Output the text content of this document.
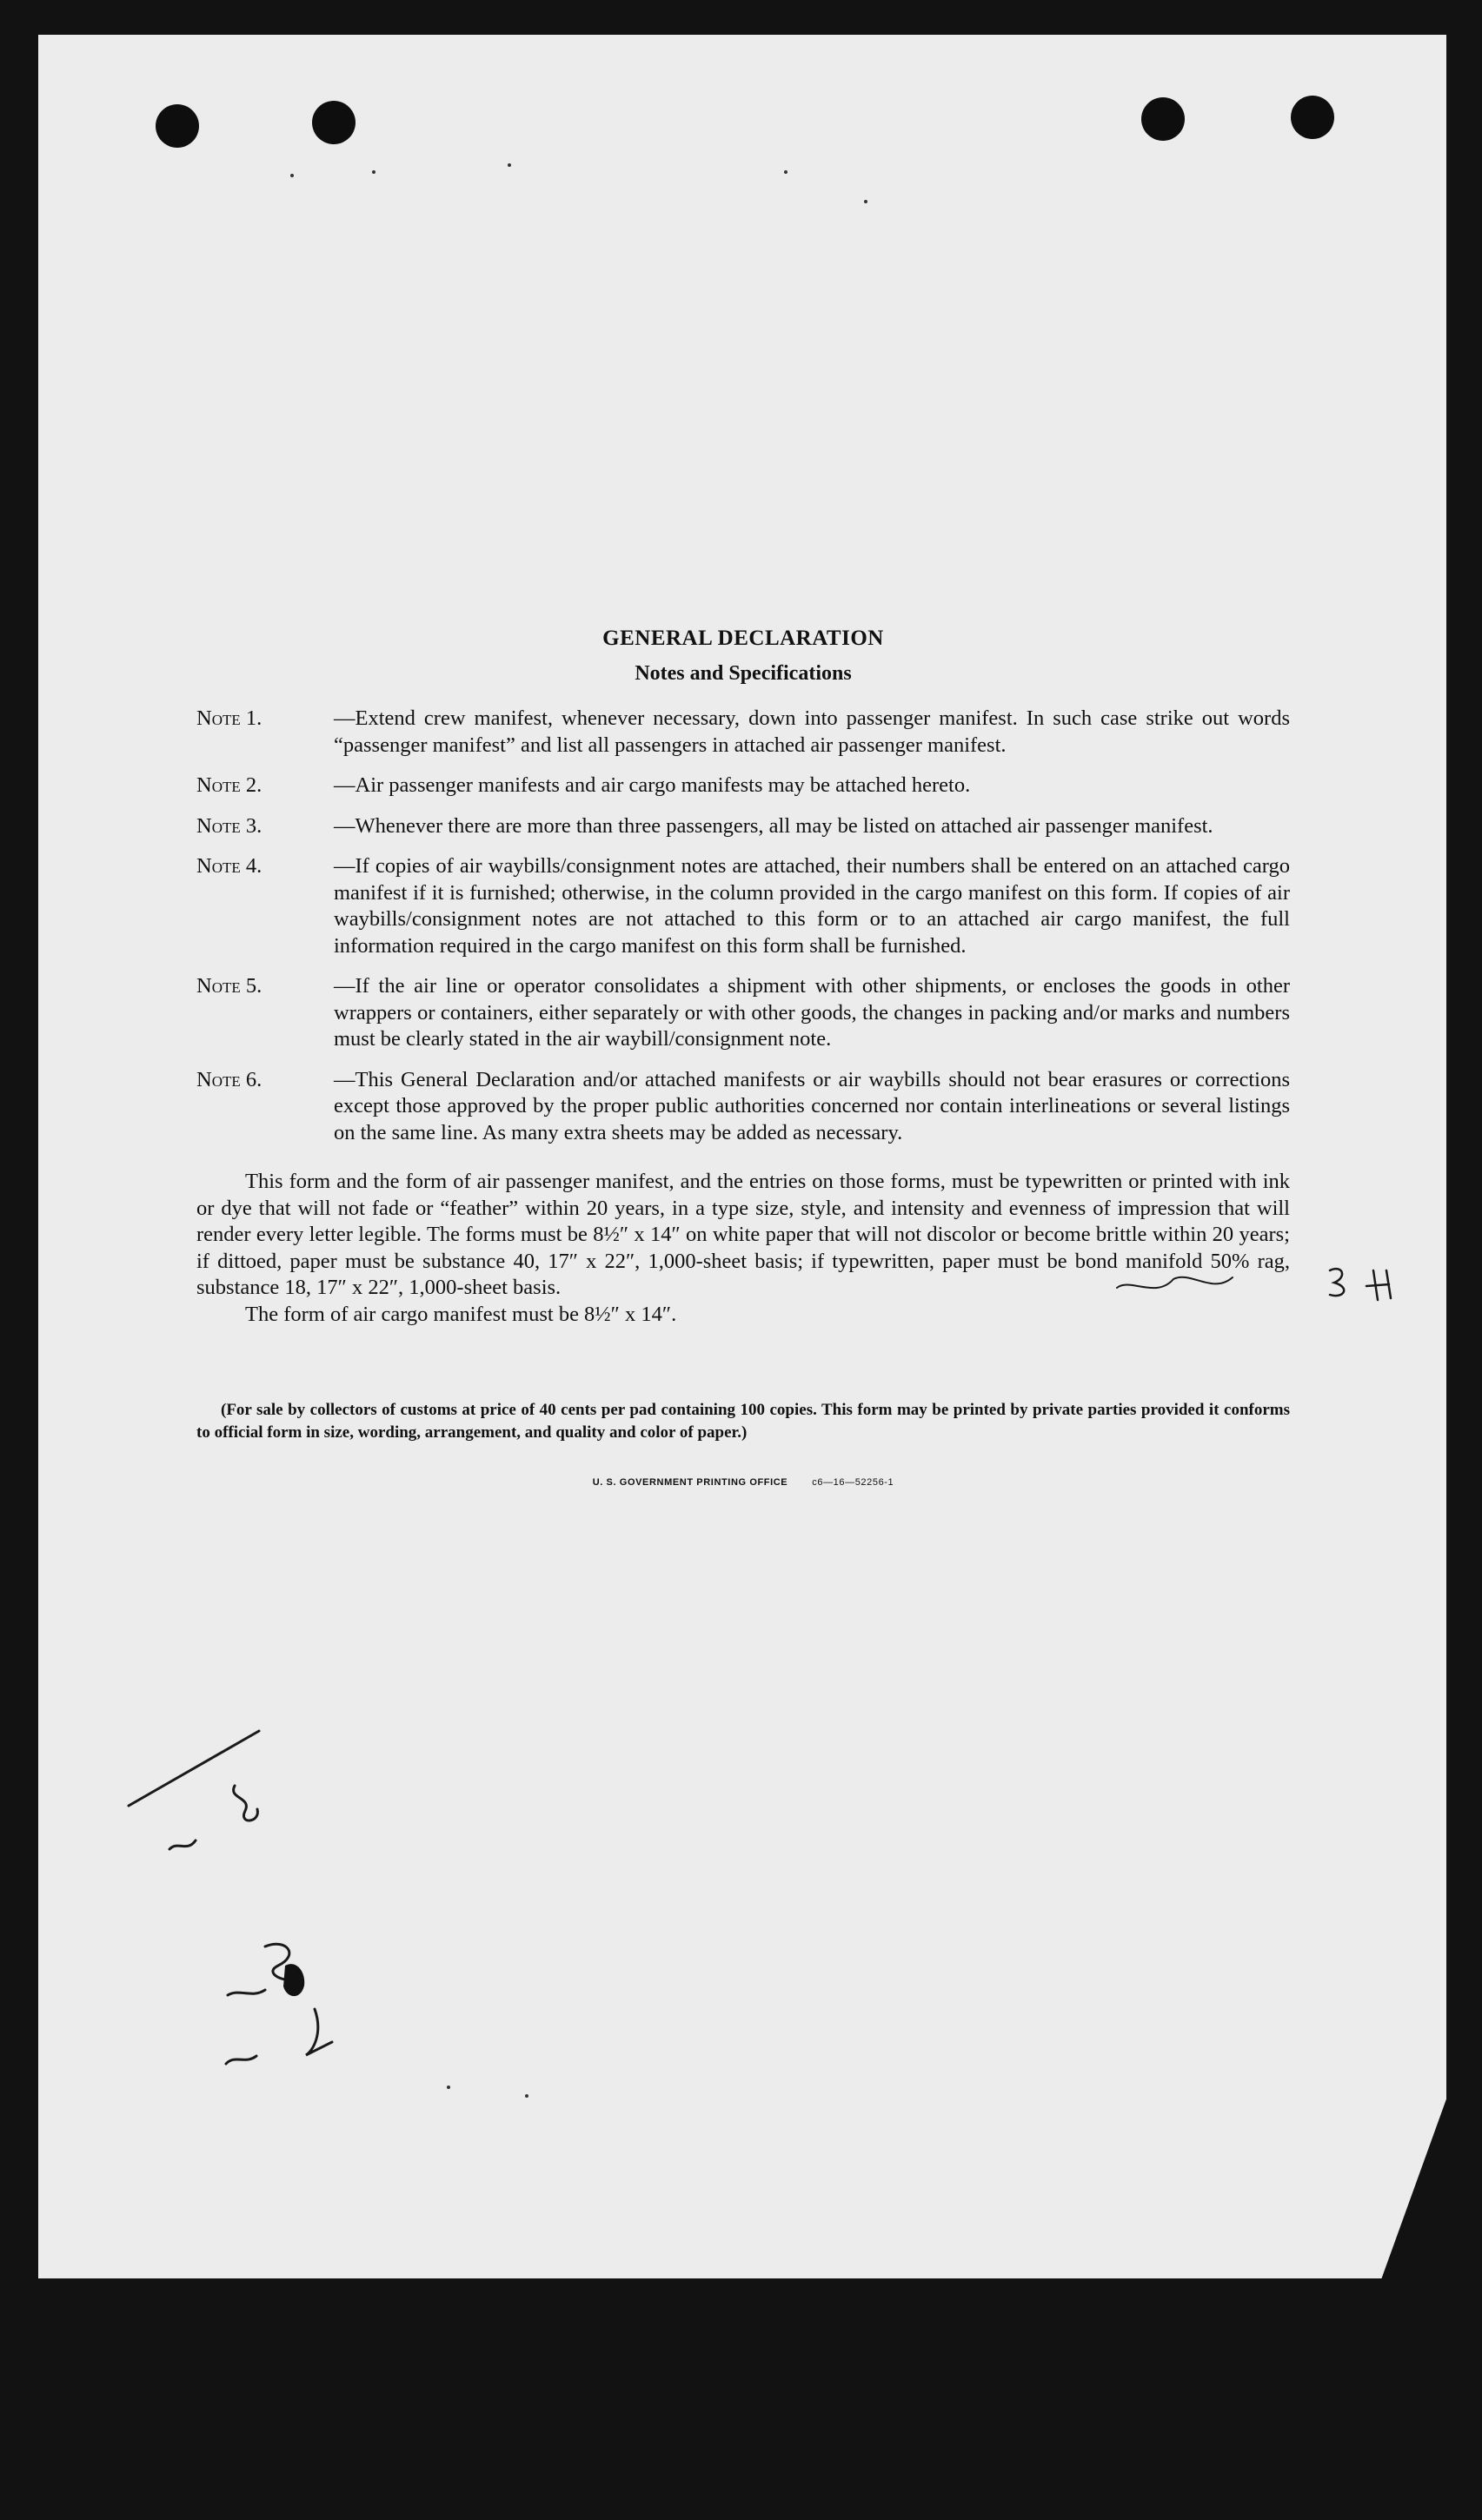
GENERAL DECLARATION
Notes and Specifications

Note 1.	—Extend crew manifest, whenever necessary, down into passenger manifest. In such case strike out words “passenger manifest” and list all passengers in attached air passenger manifest.

Note 2.	—Air passenger manifests and air cargo manifests may be attached hereto.

Note 3.	—Whenever there are more than three passengers, all may be listed on attached air passenger manifest.

Note 4.	—If copies of air waybills/consignment notes are attached, their numbers shall be entered on an attached cargo manifest if it is furnished; otherwise, in the column provided in the cargo manifest on this form. If copies of air waybills/consignment notes are not attached to this form or to an attached air cargo manifest, the full information required in the cargo manifest on this form shall be furnished.

Note 5.	—If the air line or operator consolidates a shipment with other shipments, or encloses the goods in other wrappers or containers, either separately or with other goods, the changes in packing and/or marks and numbers must be clearly stated in the air waybill/consignment note.

Note 6.	—This General Declaration and/or attached manifests or air waybills should not bear erasures or corrections except those approved by the proper public authorities concerned nor contain interlineations or several listings on the same line. As many extra sheets may be added as necessary.

This form and the form of air passenger manifest, and the entries on those forms, must be typewritten or printed with ink or dye that will not fade or “feather” within 20 years, in a type size, style, and intensity and evenness of impression that will render every letter legible. The forms must be 8½″ x 14″ on white paper that will not discolor or become brittle within 20 years; if dittoed, paper must be substance 40, 17″ x 22″, 1,000-sheet basis; if typewritten, paper must be bond manifold 50% rag, substance 18, 17″ x 22″, 1,000-sheet basis.

The form of air cargo manifest must be 8½″ x 14″.

(For sale by collectors of customs at price of 40 cents per pad containing 100 copies. This form may be printed by private parties provided it conforms to official form in size, wording, arrangement, and quality and color of paper.)

U. S. GOVERNMENT PRINTING OFFICE	c6—16—52256-1
